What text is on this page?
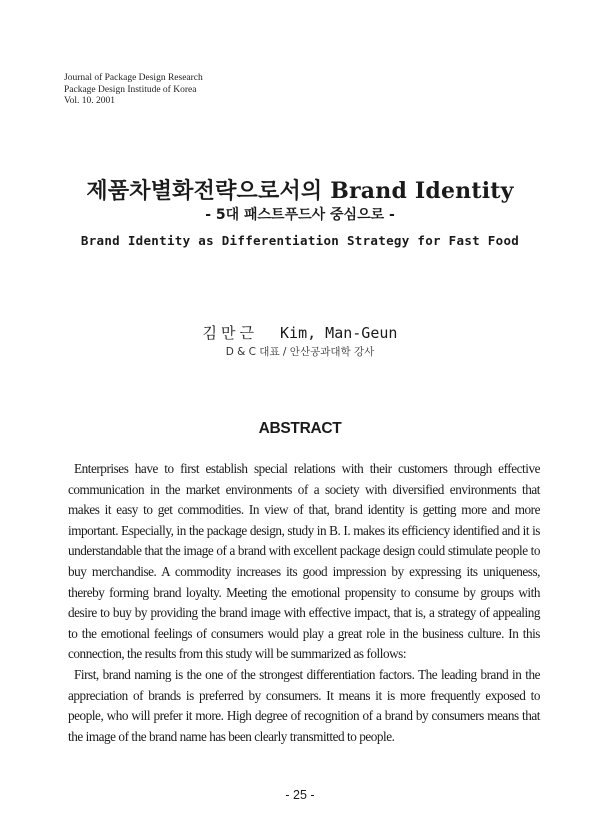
Journal of Package Design Research
Package Design Institude of Korea
Vol. 10. 2001
제품차별화전략으로서의 Brand Identity
- 5대 패스트푸드사 중심으로 -
Brand Identity as Differentiation Strategy for Fast Food
김만근 Kim, Man-Geun
D & C 대표 / 안산공과대학 강사
ABSTRACT

Enterprises have to first establish special relations with their customers through effective communication in the market environments of a society with diversified environments that makes it easy to get commodities. In view of that, brand identity is getting more and more important. Especially, in the package design, study in B. I. makes its efficiency identified and it is understandable that the image of a brand with excellent package design could stimulate people to buy merchandise. A commodity increases its good impression by expressing its uniqueness, thereby forming brand loyalty. Meeting the emotional propensity to consume by groups with desire to buy by providing the brand image with effective impact, that is, a strategy of appealing to the emotional feelings of consumers would play a great role in the business culture. In this connection, the results from this study will be summarized as follows:

First, brand naming is the one of the strongest differentiation factors. The leading brand in the appreciation of brands is preferred by consumers. It means it is more frequently exposed to people, who will prefer it more. High degree of recognition of a brand by consumers means that the image of the brand name has been clearly transmitted to people.

- 25 -
